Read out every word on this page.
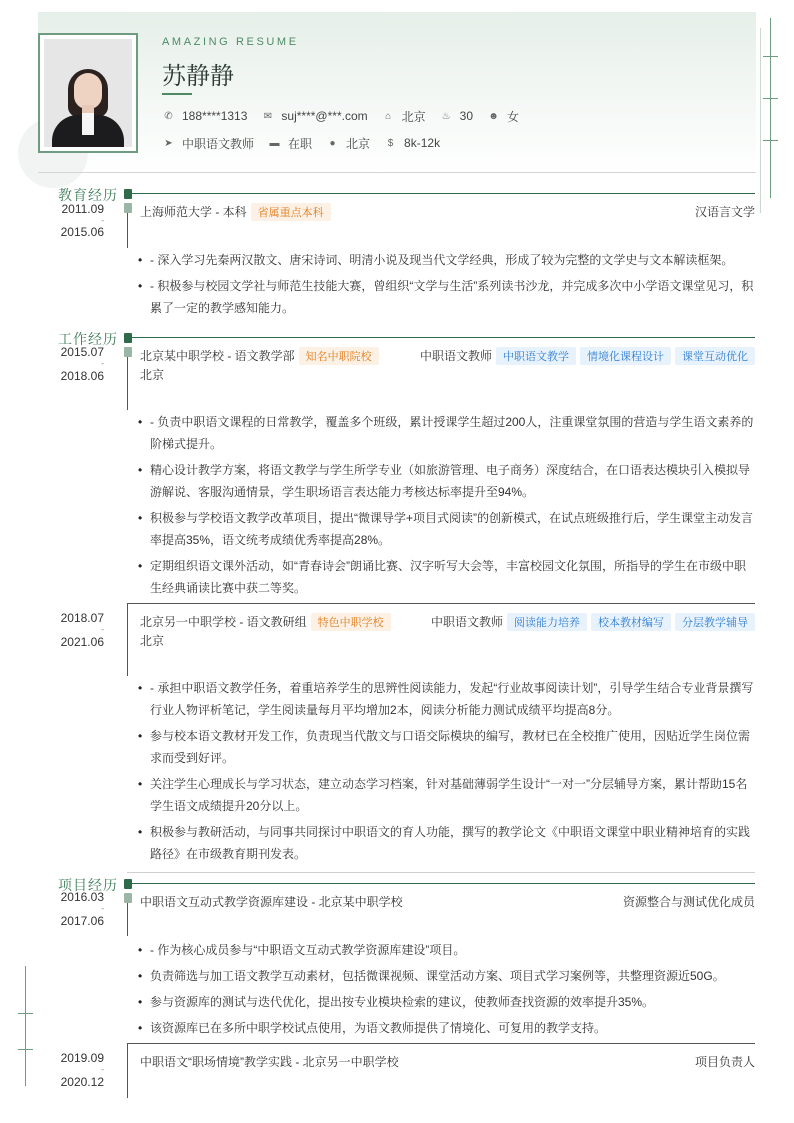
AMAZING RESUME
苏静静
✆ 188****1313 ✉ suj****@***.com	⌂ 北京 ♨ 30 ☻ 女
➤ 中职语文教师 ▬ 在职	● 北京	$ 8k-12k
教育经历
2011.09
-
2015.06
上海师范大学 - 本科 省属重点本科	汉语言文学
• - 深入学习先秦两汉散文、唐宋诗词、明清小说及现当代文学经典，形成了较为完整的文学史与文本解读框架。
• - 积极参与校园文学社与师范生技能大赛，曾组织“文学与生活”系列读书沙龙，并完成多次中小学语文课堂见习，积累了一定的教学感知能力。
工作经历
2015.07
-
2018.06
北京某中职学校 - 语文教学部 知名中职院校	中职语文教师 中职语文教学 情境化课程设计 课堂互动优化
北京
• - 负责中职语文课程的日常教学，覆盖多个班级，累计授课学生超过200人，注重课堂氛围的营造与学生语文素养的阶梯式提升。
• 精心设计教学方案，将语文教学与学生所学专业（如旅游管理、电子商务）深度结合，在口语表达模块引入模拟导游解说、客服沟通情景，学生职场语言表达能力考核达标率提升至94%。
• 积极参与学校语文教学改革项目，提出“微课导学+项目式阅读”的创新模式，在试点班级推行后，学生课堂主动发言率提高35%，语文统考成绩优秀率提高28%。
• 定期组织语文课外活动，如“青春诗会”朗诵比赛、汉字听写大会等，丰富校园文化氛围，所指导的学生在市级中职生经典诵读比赛中获二等奖。
2018.07
-
2021.06
北京另一中职学校 - 语文教研组 特色中职学校	中职语文教师 阅读能力培养 校本教材编写 分层教学辅导
北京
• - 承担中职语文教学任务，着重培养学生的思辨性阅读能力，发起“行业故事阅读计划”，引导学生结合专业背景撰写行业人物评析笔记，学生阅读量每月平均增加2本，阅读分析能力测试成绩平均提高8分。
• 参与校本语文教材开发工作，负责现当代散文与口语交际模块的编写，教材已在全校推广使用，因贴近学生岗位需求而受到好评。
• 关注学生心理成长与学习状态，建立动态学习档案，针对基础薄弱学生设计“一对一”分层辅导方案，累计帮助15名学生语文成绩提升20分以上。
• 积极参与教研活动，与同事共同探讨中职语文的育人功能，撰写的教学论文《中职语文课堂中职业精神培育的实践路径》在市级教育期刊发表。
项目经历
2016.03
-
2017.06
中职语文互动式教学资源库建设 - 北京某中职学校	资源整合与测试优化成员
• - 作为核心成员参与“中职语文互动式教学资源库建设”项目。
• 负责筛选与加工语文教学互动素材，包括微课视频、课堂活动方案、项目式学习案例等，共整理资源近50G。
• 参与资源库的测试与迭代优化，提出按专业模块检索的建议，使教师查找资源的效率提升35%。
• 该资源库已在多所中职学校试点使用，为语文教师提供了情境化、可复用的教学支持。
2019.09
-
2020.12
中职语文“职场情境”教学实践 - 北京另一中职学校	项目负责人
